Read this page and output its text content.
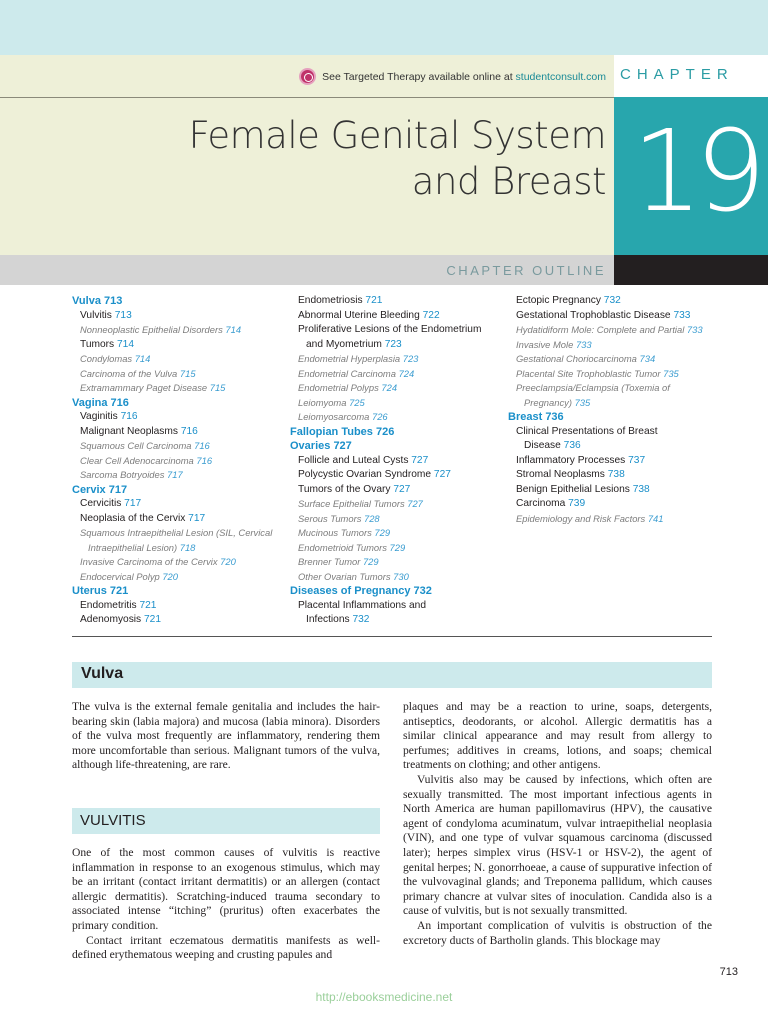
See Targeted Therapy available online at studentconsult.com CHAPTER
19
Female Genital System
and Breast
CHAPTER OUTLINE
Vulva 713
Vulvitis 713
Nonneoplastic Epithelial Disorders 714
Tumors 714
Condylomas 714
Carcinoma of the Vulva 715
Extramammary Paget Disease 715
Vagina 716
Vaginitis 716
Malignant Neoplasms 716
Squamous Cell Carcinoma 716
Clear Cell Adenocarcinoma 716
Sarcoma Botryoides 717
Cervix 717
Cervicitis 717
Neoplasia of the Cervix 717
Squamous Intraepithelial Lesion (SIL, Cervical
Intraepithelial Lesion) 718
Invasive Carcinoma of the Cervix 720
Endocervical Polyp 720
Uterus 721
Endometritis 721
Adenomyosis 721
Endometriosis 721
Abnormal Uterine Bleeding 722
Proliferative Lesions of the Endometrium
and Myometrium 723
Endometrial Hyperplasia 723
Endometrial Carcinoma 724
Endometrial Polyps 724
Leiomyoma 725
Leiomyosarcoma 726
Fallopian Tubes 726
Ovaries 727
Follicle and Luteal Cysts 727
Polycystic Ovarian Syndrome 727
Tumors of the Ovary 727
Surface Epithelial Tumors 727
Serous Tumors 728
Mucinous Tumors 729
Endometrioid Tumors 729
Brenner Tumor 729
Other Ovarian Tumors 730
Diseases of Pregnancy 732
Placental Inflammations and
Infections 732
Ectopic Pregnancy 732
Gestational Trophoblastic Disease 733
Hydatidiform Mole: Complete and Partial 733
Invasive Mole 733
Gestational Choriocarcinoma 734
Placental Site Trophoblastic Tumor 735
Preeclampsia/Eclampsia (Toxemia of
Pregnancy) 735
Breast 736
Clinical Presentations of Breast
Disease 736
Inflammatory Processes 737
Stromal Neoplasms 738
Benign Epithelial Lesions 738
Carcinoma 739
Epidemiology and Risk Factors 741
Vulva

The vulva is the external female genitalia and includes the hair-bearing skin (labia majora) and mucosa (labia minora). Disorders of the vulva most frequently are inflammatory, rendering them more uncomfortable than serious. Malignant tumors of the vulva, although life-threatening, are rare.

VULVITIS

One of the most common causes of vulvitis is reactive inflammation in response to an exogenous stimulus, which may be an irritant (contact irritant dermatitis) or an allergen (contact allergic dermatitis). Scratching-induced trauma secondary to associated intense “itching” (pruritus) often exacerbates the primary condition.

Contact irritant eczematous dermatitis manifests as well-defined erythematous weeping and crusting papules and

plaques and may be a reaction to urine, soaps, detergents, antiseptics, deodorants, or alcohol. Allergic dermatitis has a similar clinical appearance and may result from allergy to perfumes; additives in creams, lotions, and soaps; chemical treatments on clothing; and other antigens.

Vulvitis also may be caused by infections, which often are sexually transmitted. The most important infectious agents in North America are human papillomavirus (HPV), the causative agent of condyloma acuminatum, vulvar intraepithelial neoplasia (VIN), and one type of vulvar squamous carcinoma (discussed later); herpes simplex virus (HSV-1 or HSV-2), the agent of genital herpes; N. gonorrhoeae, a cause of suppurative infection of the vulvovaginal glands; and Treponema pallidum, which causes primary chancre at vulvar sites of inoculation. Candida also is a cause of vulvitis, but is not sexually transmitted.

An important complication of vulvitis is obstruction of the excretory ducts of Bartholin glands. This blockage may

713
http://ebooksmedicine.net
